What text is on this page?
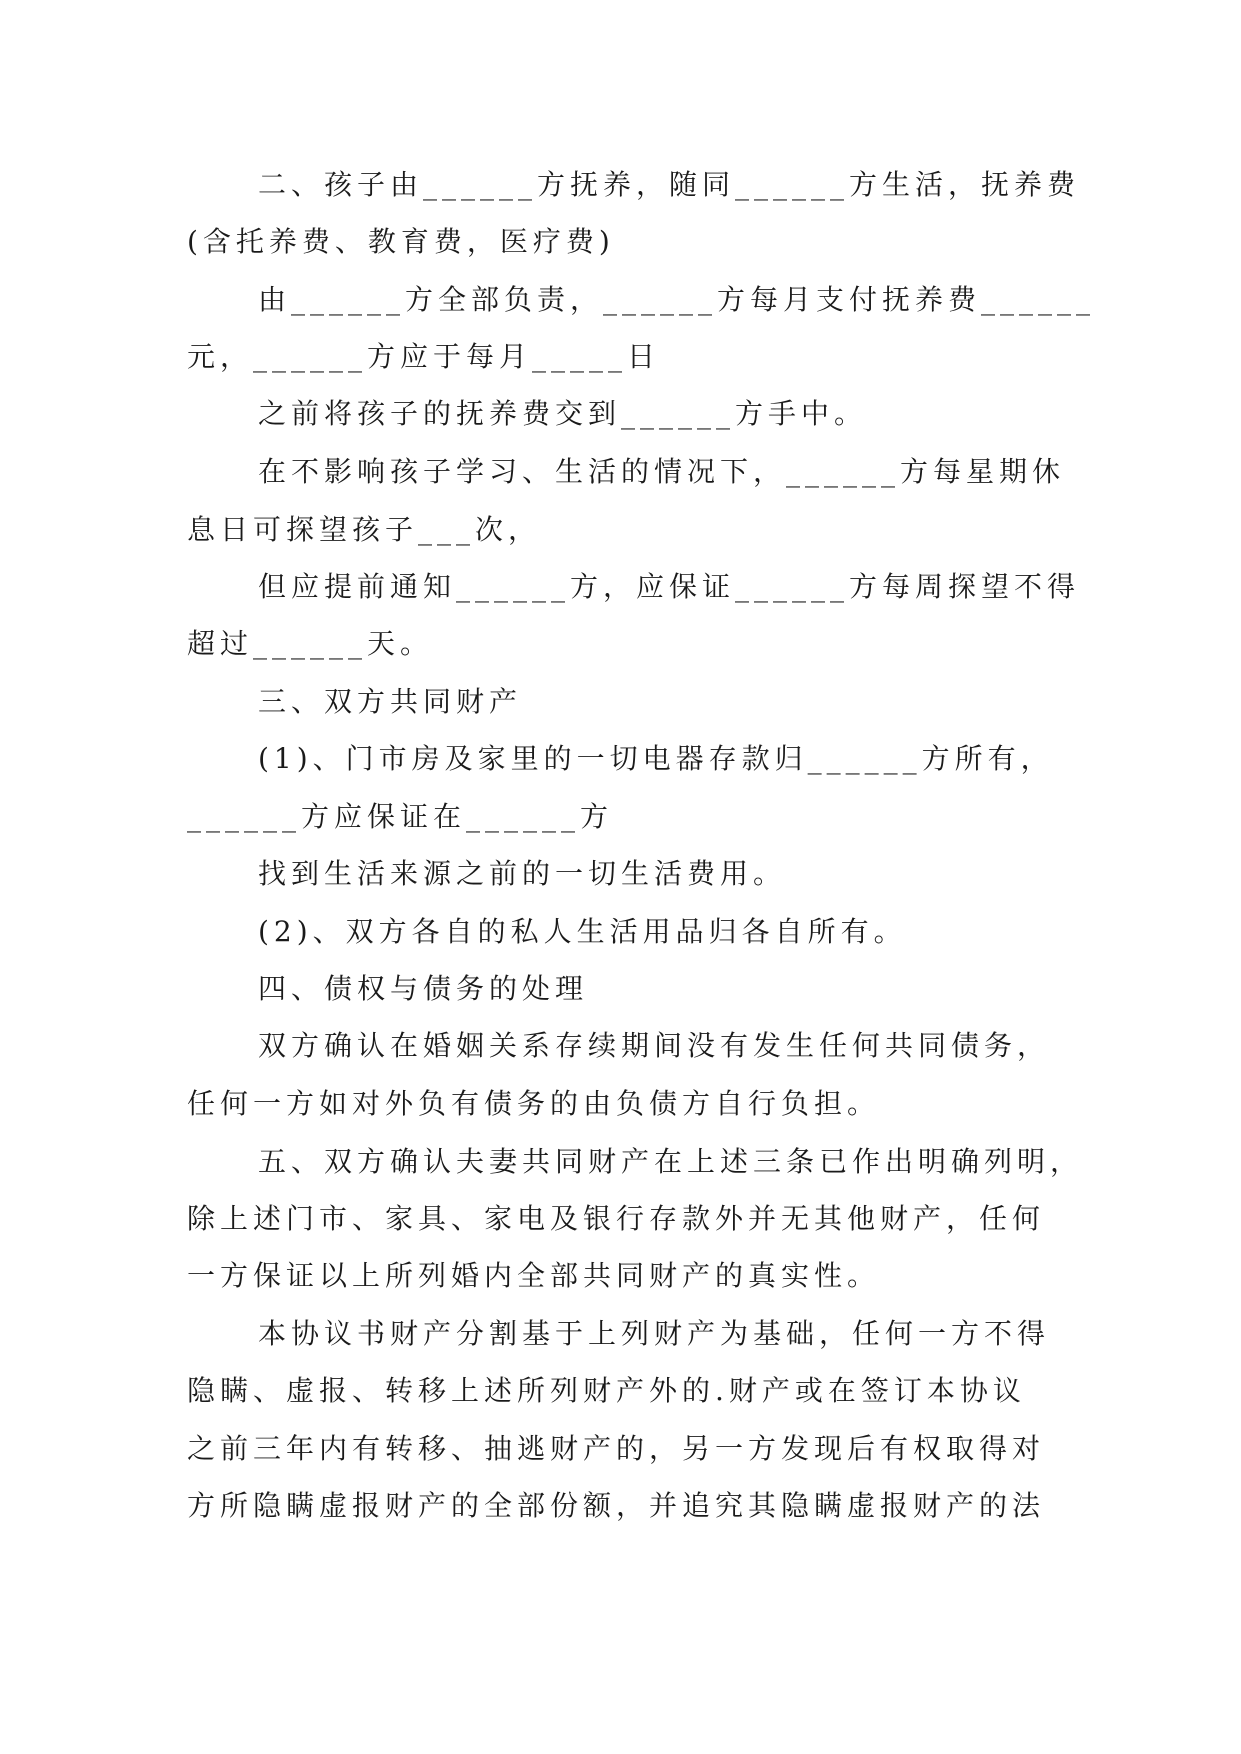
二、孩子由______方抚养，随同______方生活，抚养费

(含托养费、教育费，医疗费)

由______方全部负责，______方每月支付抚养费______

元，______方应于每月_____日

之前将孩子的抚养费交到______方手中。

在不影响孩子学习、生活的情况下，______方每星期休

息日可探望孩子___次，

但应提前通知______方，应保证______方每周探望不得

超过______天。

三、双方共同财产

(1)、门市房及家里的一切电器存款归______方所有，

______方应保证在______方

找到生活来源之前的一切生活费用。

(2)、双方各自的私人生活用品归各自所有。

四、债权与债务的处理

双方确认在婚姻关系存续期间没有发生任何共同债务，

任何一方如对外负有债务的由负债方自行负担。

五、双方确认夫妻共同财产在上述三条已作出明确列明，

除上述门市、家具、家电及银行存款外并无其他财产，任何

一方保证以上所列婚内全部共同财产的真实性。

本协议书财产分割基于上列财产为基础，任何一方不得

隐瞒、虚报、转移上述所列财产外的.财产或在签订本协议

之前三年内有转移、抽逃财产的，另一方发现后有权取得对

方所隐瞒虚报财产的全部份额，并追究其隐瞒虚报财产的法
